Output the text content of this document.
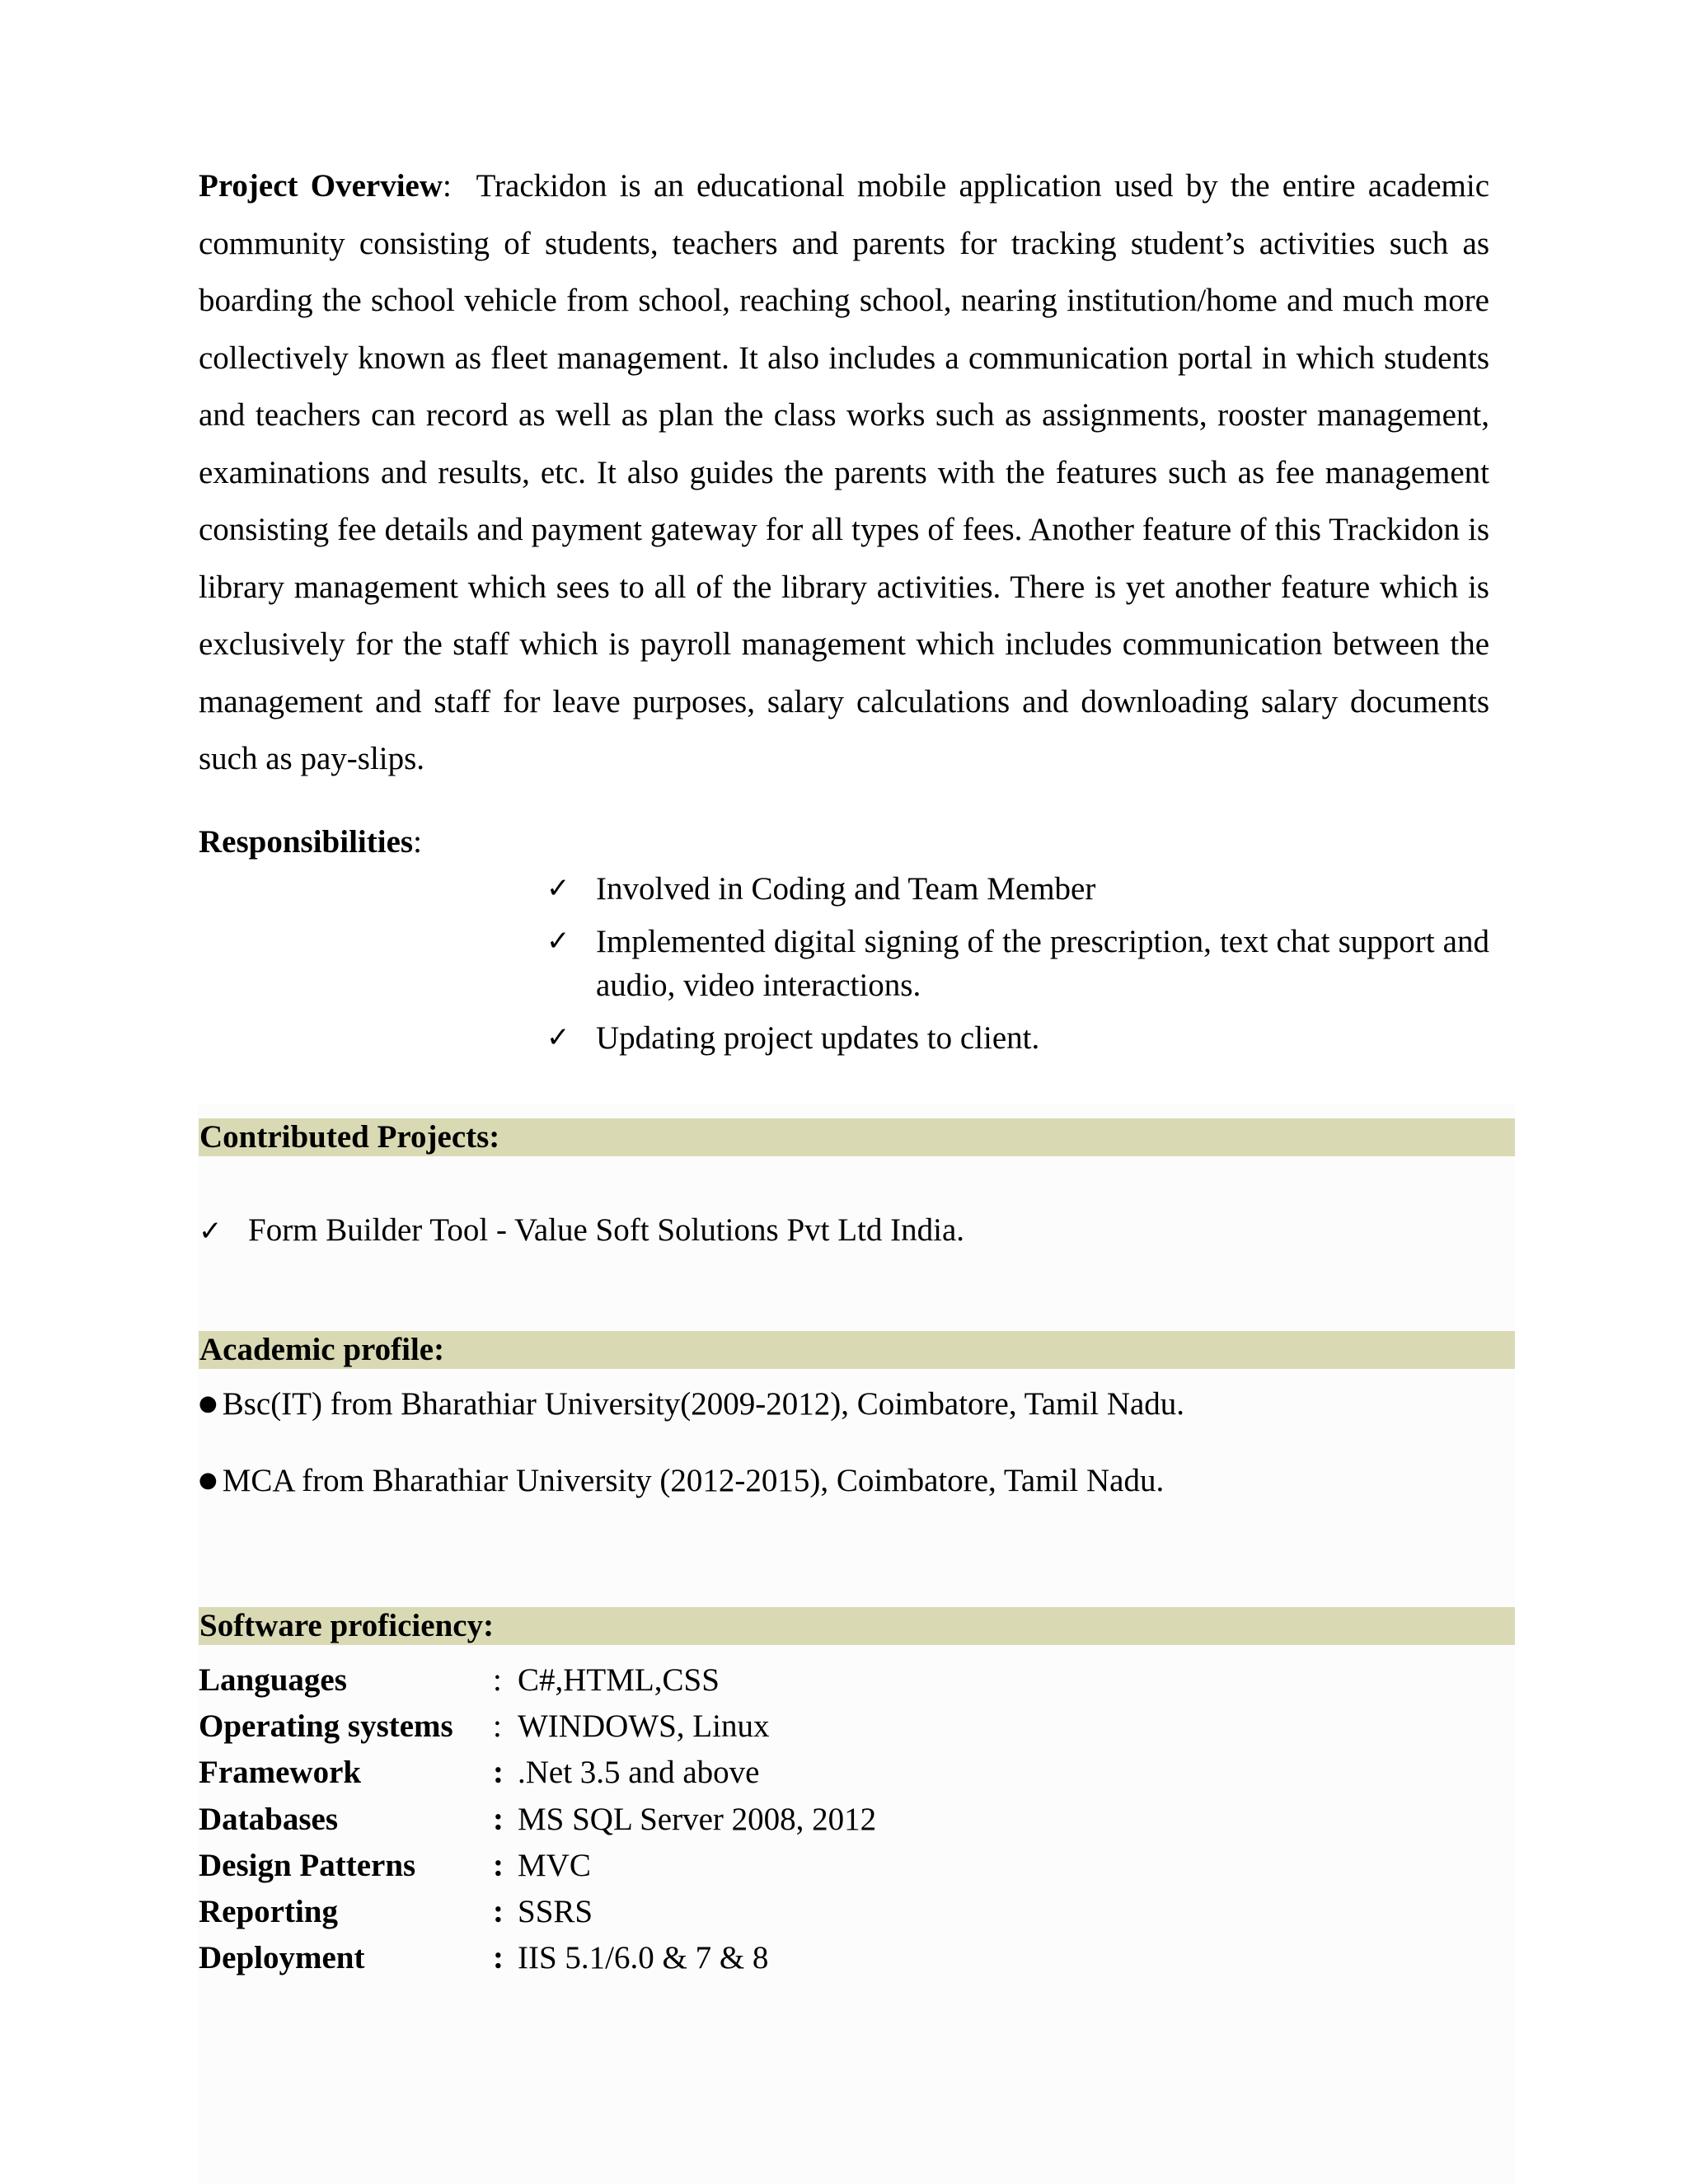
Project Overview: Trackidon is an educational mobile application used by the entire academic community consisting of students, teachers and parents for tracking student’s activities such as boarding the school vehicle from school, reaching school, nearing institution/home and much more collectively known as fleet management. It also includes a communication portal in which students and teachers can record as well as plan the class works such as assignments, rooster management, examinations and results, etc. It also guides the parents with the features such as fee management consisting fee details and payment gateway for all types of fees. Another feature of this Trackidon is library management which sees to all of the library activities. There is yet another feature which is exclusively for the staff which is payroll management which includes communication between the management and staff for leave purposes, salary calculations and downloading salary documents such as pay-slips.

Responsibilities:

✓ Involved in Coding and Team Member
✓ Implemented digital signing of the prescription, text chat support and audio, video interactions.
✓ Updating project updates to client.
Contributed Projects:
✓ Form Builder Tool - Value Soft Solutions Pvt Ltd India.
Academic profile:
● Bsc(IT) from Bharathiar University(2009-2012), Coimbatore, Tamil Nadu.
● MCA from Bharathiar University (2012-2015), Coimbatore, Tamil Nadu.
Software proficiency:
Languages	:	C#,HTML,CSS
Operating systems	:	WINDOWS, Linux
Framework	:	.Net 3.5 and above
Databases	:	MS SQL Server 2008, 2012
Design Patterns	:	MVC
Reporting	:	SSRS
Deployment	:	IIS 5.1/6.0 & 7 & 8
